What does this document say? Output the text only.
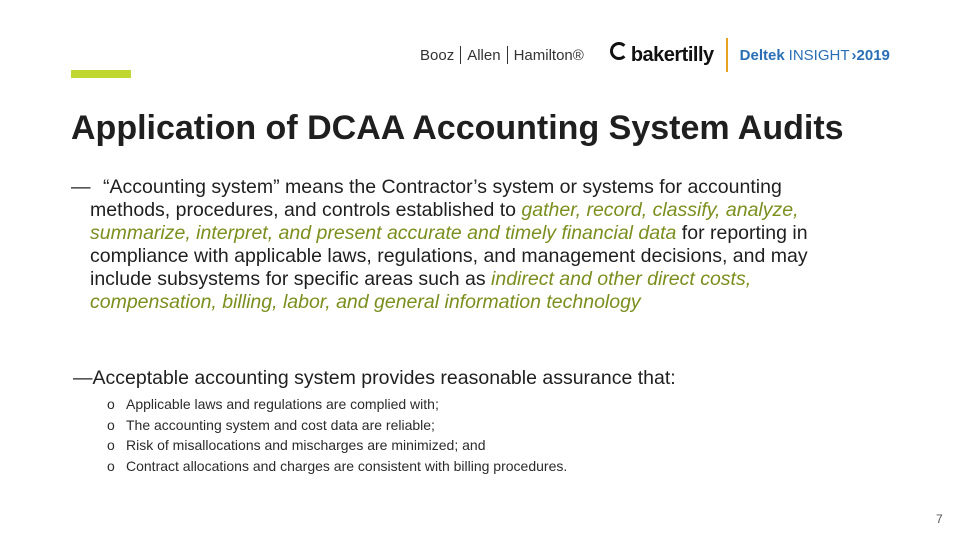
Booz Allen Hamilton® bakertilly Deltek INSIGHT › 2019
Application of DCAA Accounting System Audits
― “Accounting system” means the Contractor’s system or systems for accounting methods, procedures, and controls established to gather, record, classify, analyze, summarize, interpret, and present accurate and timely financial data for reporting in compliance with applicable laws, regulations, and management decisions, and may include subsystems for specific areas such as indirect and other direct costs, compensation, billing, labor, and general information technology
―Acceptable accounting system provides reasonable assurance that:
o Applicable laws and regulations are complied with;
o The accounting system and cost data are reliable;
o Risk of misallocations and mischarges are minimized; and
o Contract allocations and charges are consistent with billing procedures.
7
